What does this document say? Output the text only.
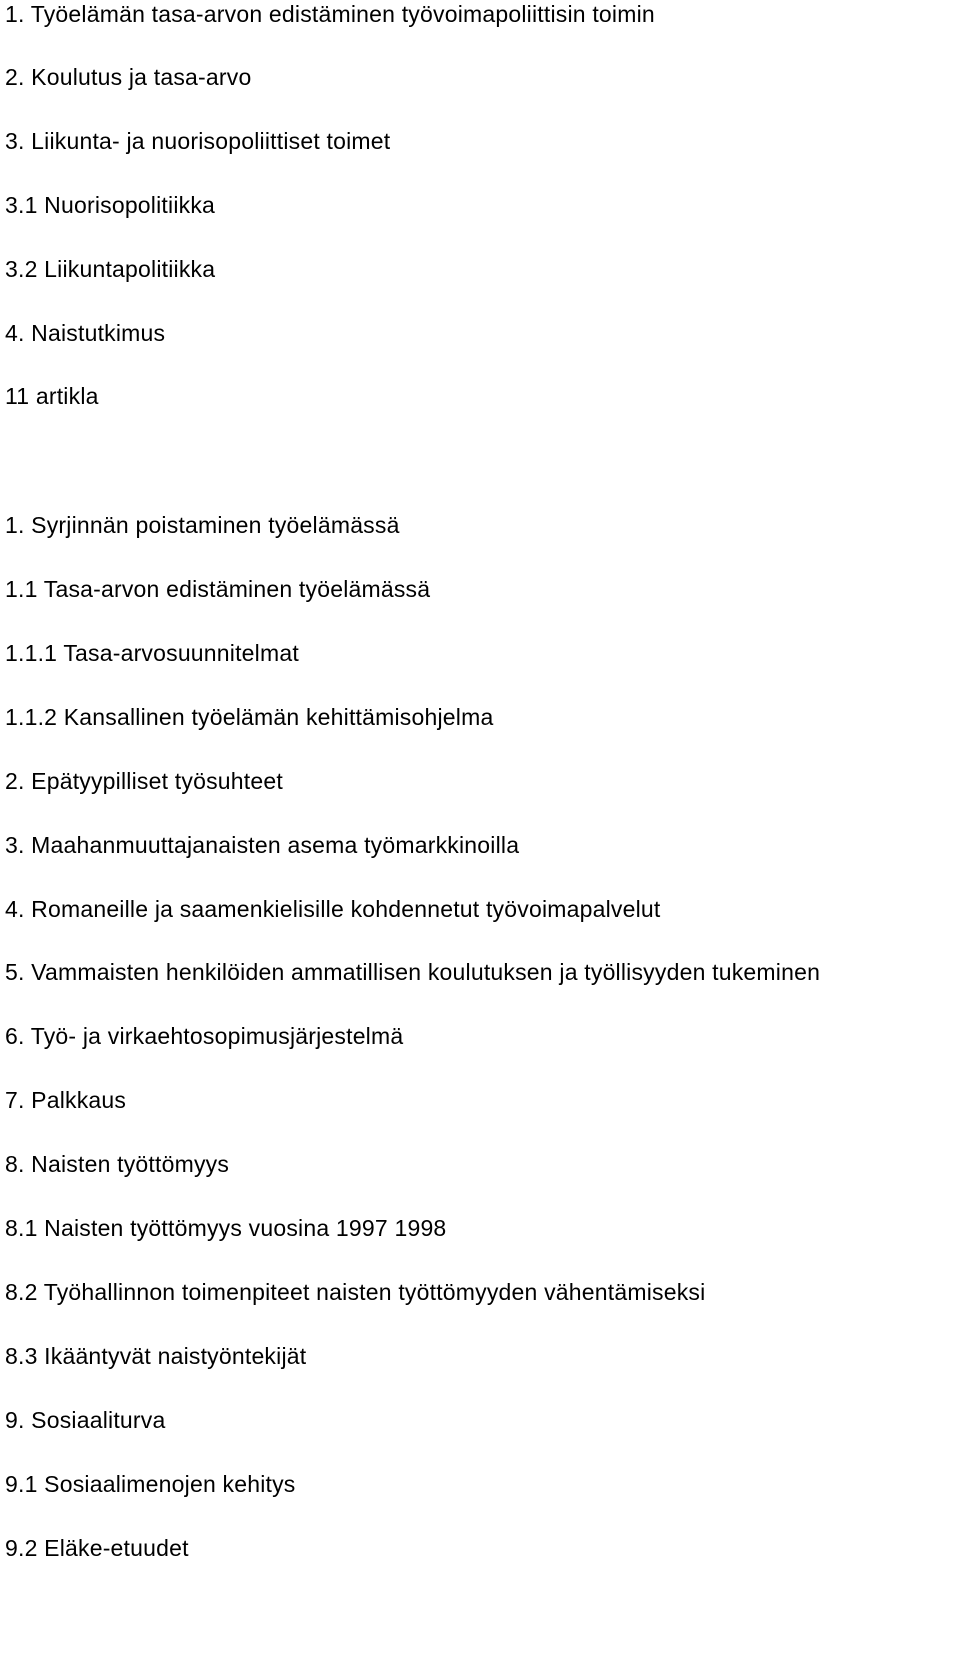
1. Työelämän tasa-arvon edistäminen työvoimapoliittisin toimin
2. Koulutus ja tasa-arvo
3. Liikunta- ja nuorisopoliittiset toimet
3.1 Nuorisopolitiikka
3.2 Liikuntapolitiikka
4. Naistutkimus
11 artikla
1. Syrjinnän poistaminen työelämässä
1.1 Tasa-arvon edistäminen työelämässä
1.1.1 Tasa-arvosuunnitelmat
1.1.2 Kansallinen työelämän kehittämisohjelma
2. Epätyypilliset työsuhteet
3. Maahanmuuttajanaisten asema työmarkkinoilla
4. Romaneille ja saamenkielisille kohdennetut työvoimapalvelut
5. Vammaisten henkilöiden ammatillisen koulutuksen ja työllisyyden tukeminen
6. Työ- ja virkaehtosopimusjärjestelmä
7. Palkkaus
8. Naisten työttömyys
8.1 Naisten työttömyys vuosina 1997 1998
8.2 Työhallinnon toimenpiteet naisten työttömyyden vähentämiseksi
8.3 Ikääntyvät naistyöntekijät
9. Sosiaaliturva
9.1 Sosiaalimenojen kehitys
9.2 Eläke-etuudet
